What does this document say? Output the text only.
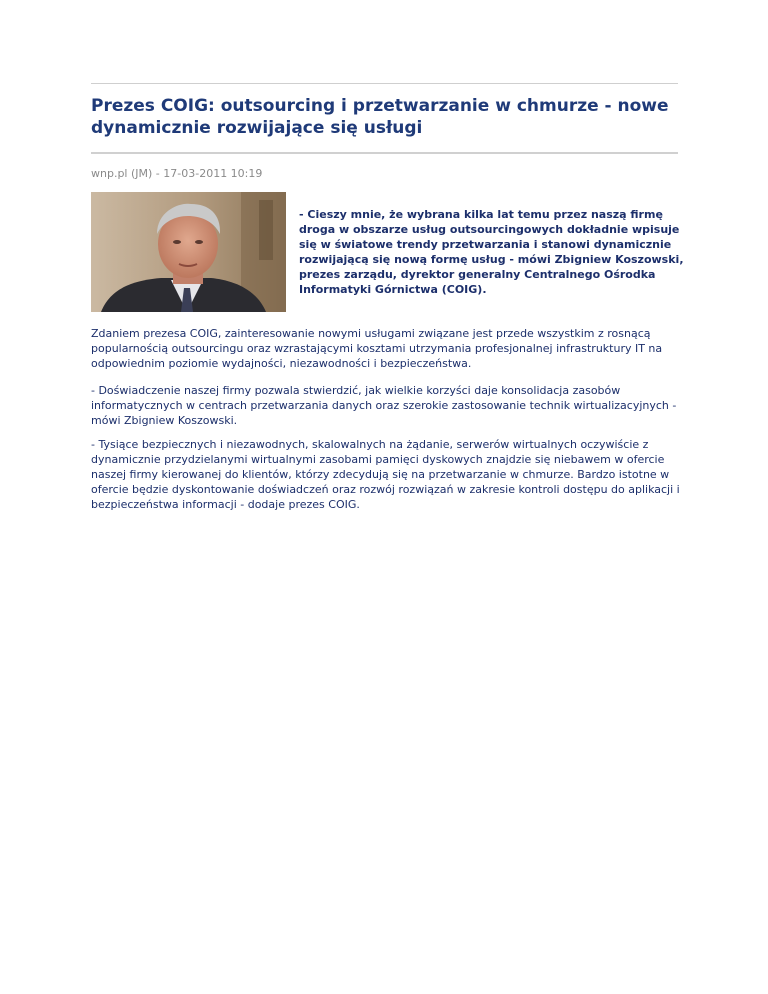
Prezes COIG: outsourcing i przetwarzanie w chmurze - nowe dynamicznie rozwijające się usługi
wnp.pl (JM) - 17-03-2011 10:19

- Cieszy mnie, że wybrana kilka lat temu przez naszą firmę droga w obszarze usług outsourcingowych dokładnie wpisuje się w światowe trendy przetwarzania i stanowi dynamicznie rozwijającą się nową formę usług - mówi Zbigniew Koszowski, prezes zarządu, dyrektor generalny Centralnego Ośrodka Informatyki Górnictwa (COIG).

Zdaniem prezesa COIG, zainteresowanie nowymi usługami związane jest przede wszystkim z rosnącą popularnością outsourcingu oraz wzrastającymi kosztami utrzymania profesjonalnej infrastruktury IT na odpowiednim poziomie wydajności, niezawodności i bezpieczeństwa.

- Doświadczenie naszej firmy pozwala stwierdzić, jak wielkie korzyści daje konsolidacja zasobów informatycznych w centrach przetwarzania danych oraz szerokie zastosowanie technik wirtualizacyjnych - mówi Zbigniew Koszowski.

- Tysiące bezpiecznych i niezawodnych, skalowalnych na żądanie, serwerów wirtualnych oczywiście z dynamicznie przydzielanymi wirtualnymi zasobami pamięci dyskowych znajdzie się niebawem w ofercie naszej firmy kierowanej do klientów, którzy zdecydują się na przetwarzanie w chmurze. Bardzo istotne w ofercie będzie dyskontowanie doświadczeń oraz rozwój rozwiązań w zakresie kontroli dostępu do aplikacji i bezpieczeństwa informacji - dodaje prezes COIG.
